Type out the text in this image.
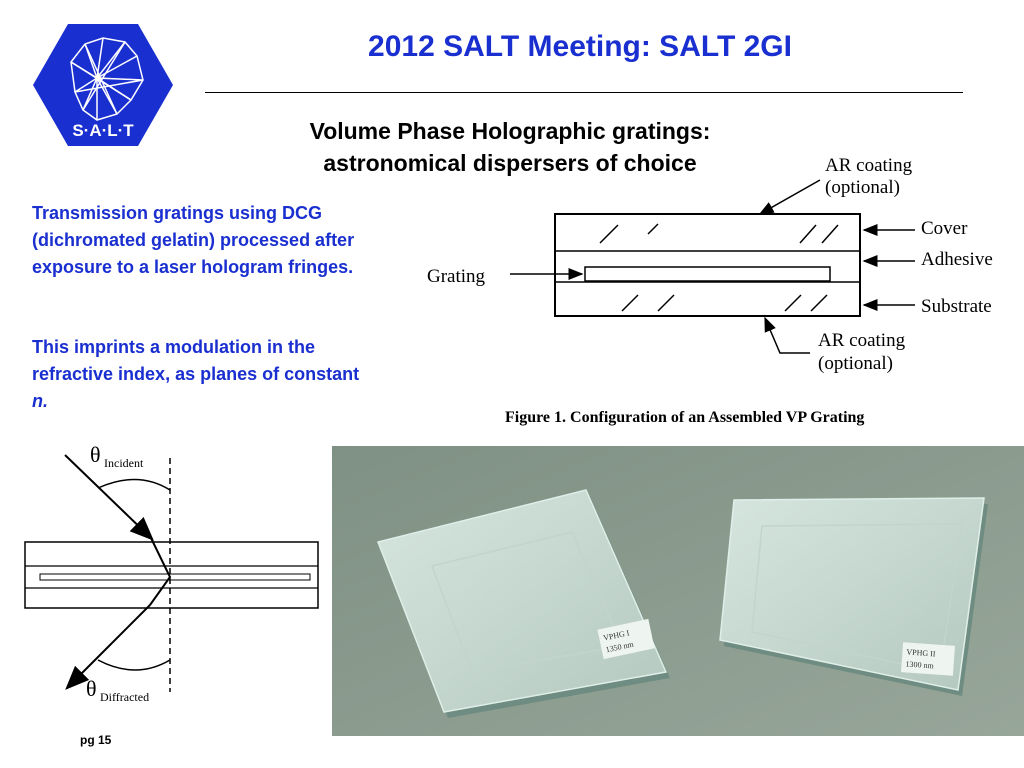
S·A·L·T
2012 SALT Meeting: SALT 2GI
Volume Phase Holographic gratings:
astronomical dispersers of choice
Transmission gratings using DCG (dichromated gelatin) processed after exposure to a laser hologram fringes.
This imprints a modulation in the refractive index, as planes of constant n.
AR coating
(optional)
Cover
Adhesive
Grating
Substrate
AR coating
(optional)
Figure 1. Configuration of an Assembled VP Grating
θ Incident
θ Diffracted
VPHG I
1350 nm	VPHG II
1300 nm
pg 15
